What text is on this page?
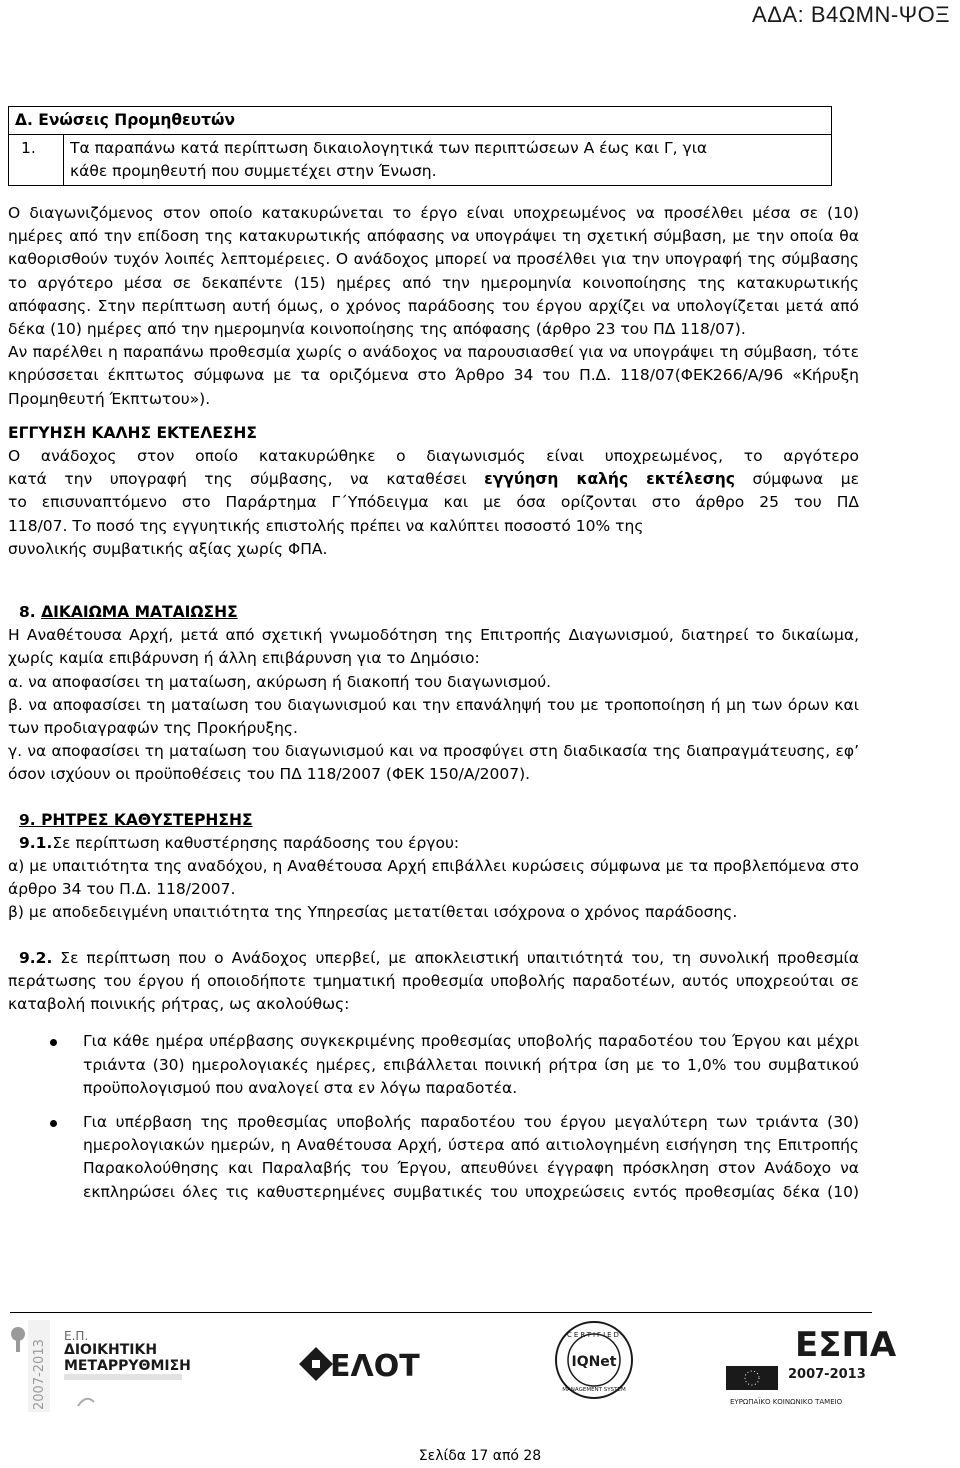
ΑΔΑ: Β4ΩΜΝ-ΨΟΞ
Δ. Ενώσεις Προμηθευτών
1.	Τα παραπάνω κατά περίπτωση δικαιολογητικά των περιπτώσεων Α έως και Γ, για
κάθε προμηθευτή που συμμετέχει στην Ένωση.

Ο διαγωνιζόμενος στον οποίο κατακυρώνεται το έργο είναι υποχρεωμένος να προσέλθει μέσα σε (10) ημέρες από την επίδοση της κατακυρωτικής απόφασης να υπογράψει τη σχετική σύμβαση, με την οποία θα καθορισθούν τυχόν λοιπές λεπτομέρειες. Ο ανάδοχος μπορεί να προσέλθει για την υπογραφή της σύμβασης το αργότερο μέσα σε δεκαπέντε (15) ημέρες από την ημερομηνία κοινοποίησης της κατακυρωτικής απόφασης. Στην περίπτωση αυτή όμως, ο χρόνος παράδοσης του έργου αρχίζει να υπολογίζεται μετά από δέκα (10) ημέρες από την ημερομηνία κοινοποίησης της απόφασης (άρθρο 23 του ΠΔ 118/07).

Αν παρέλθει η παραπάνω προθεσμία χωρίς ο ανάδοχος να παρουσιασθεί για να υπογράψει τη σύμβαση, τότε κηρύσσεται έκπτωτος σύμφωνα με τα οριζόμενα στο Άρθρο 34 του Π.Δ. 118/07(ΦΕΚ266/Α/96 «Κήρυξη Προμηθευτή Έκπτωτου»).

ΕΓΓΥΗΣΗ ΚΑΛΗΣ ΕΚΤΕΛΕΣΗΣ

Ο ανάδοχος στον οποίο κατακυρώθηκε ο διαγωνισμός είναι υποχρεωμένος, το αργότερο

κατά την υπογραφή της σύμβασης, να καταθέσει εγγύηση καλής εκτέλεσης σύμφωνα με

το επισυναπτόμενο στο Παράρτημα Γ΄Υπόδειγμα και με όσα ορίζονται στο άρθρο 25 του ΠΔ

118/07. Το ποσό της εγγυητικής επιστολής πρέπει να καλύπτει ποσοστό 10% της

συνολικής συμβατικής αξίας χωρίς ΦΠΑ.

8. ΔΙΚΑΙΩΜΑ ΜΑΤΑΙΩΣΗΣ

Η Αναθέτουσα Αρχή, μετά από σχετική γνωμοδότηση της Επιτροπής Διαγωνισμού, διατηρεί το δικαίωμα, χωρίς καμία επιβάρυνση ή άλλη επιβάρυνση για το Δημόσιο:

α. να αποφασίσει τη ματαίωση, ακύρωση ή διακοπή του διαγωνισμού.

β. να αποφασίσει τη ματαίωση του διαγωνισμού και την επανάληψή του με τροποποίηση ή μη των όρων και των προδιαγραφών της Προκήρυξης.

γ. να αποφασίσει τη ματαίωση του διαγωνισμού και να προσφύγει στη διαδικασία της διαπραγμάτευσης, εφ’ όσον ισχύουν οι προϋποθέσεις του ΠΔ 118/2007 (ΦΕΚ 150/Α/2007).

9. ΡΗΤΡΕΣ ΚΑΘΥΣΤΕΡΗΣΗΣ

9.1.Σε περίπτωση καθυστέρησης παράδοσης του έργου:

α) με υπαιτιότητα της αναδόχου, η Αναθέτουσα Αρχή επιβάλλει κυρώσεις σύμφωνα με τα προβλεπόμενα στο άρθρο 34 του Π.Δ. 118/2007.

β) με αποδεδειγμένη υπαιτιότητα της Υπηρεσίας μετατίθεται ισόχρονα ο χρόνος παράδοσης.

9.2. Σε περίπτωση που ο Ανάδοχος υπερβεί, με αποκλειστική υπαιτιότητά του, τη συνολική προθεσμία περάτωσης του έργου ή οποιοδήποτε τμηματική προθεσμία υποβολής παραδοτέων, αυτός υποχρεούται σε καταβολή ποινικής ρήτρας, ως ακολούθως:

Για κάθε ημέρα υπέρβασης συγκεκριμένης προθεσμίας υποβολής παραδοτέου του Έργου και μέχρι τριάντα (30) ημερολογιακές ημέρες, επιβάλλεται ποινική ρήτρα ίση με το 1,0% του συμβατικού προϋπολογισμού που αναλογεί στα εν λόγω παραδοτέα.

Για υπέρβαση της προθεσμίας υποβολής παραδοτέου του έργου μεγαλύτερη των τριάντα (30) ημερολογιακών ημερών, η Αναθέτουσα Αρχή, ύστερα από αιτιολογημένη εισήγηση της Επιτροπής Παρακολούθησης και Παραλαβής του Έργου, απευθύνει έγγραφη πρόσκληση στον Ανάδοχο να εκπληρώσει όλες τις καθυστερημένες συμβατικές του υποχρεώσεις εντός προθεσμίας δέκα (10)

2007-2013
Ε.Π.
ΔΙΟΙΚΗΤΙΚΗ
ΜΕΤΑΡΡΥΘΜΙΣΗ	ΕΛΟΤ
CERTIFIED
IQNet
MANAGEMENT SYSTEM
ΕΣΠΑ
2007-2013
ΕΥΡΩΠΑΪΚΟ ΚΟΙΝΩΝΙΚΟ ΤΑΜΕΙΟ
Σελίδα 17 από 28
